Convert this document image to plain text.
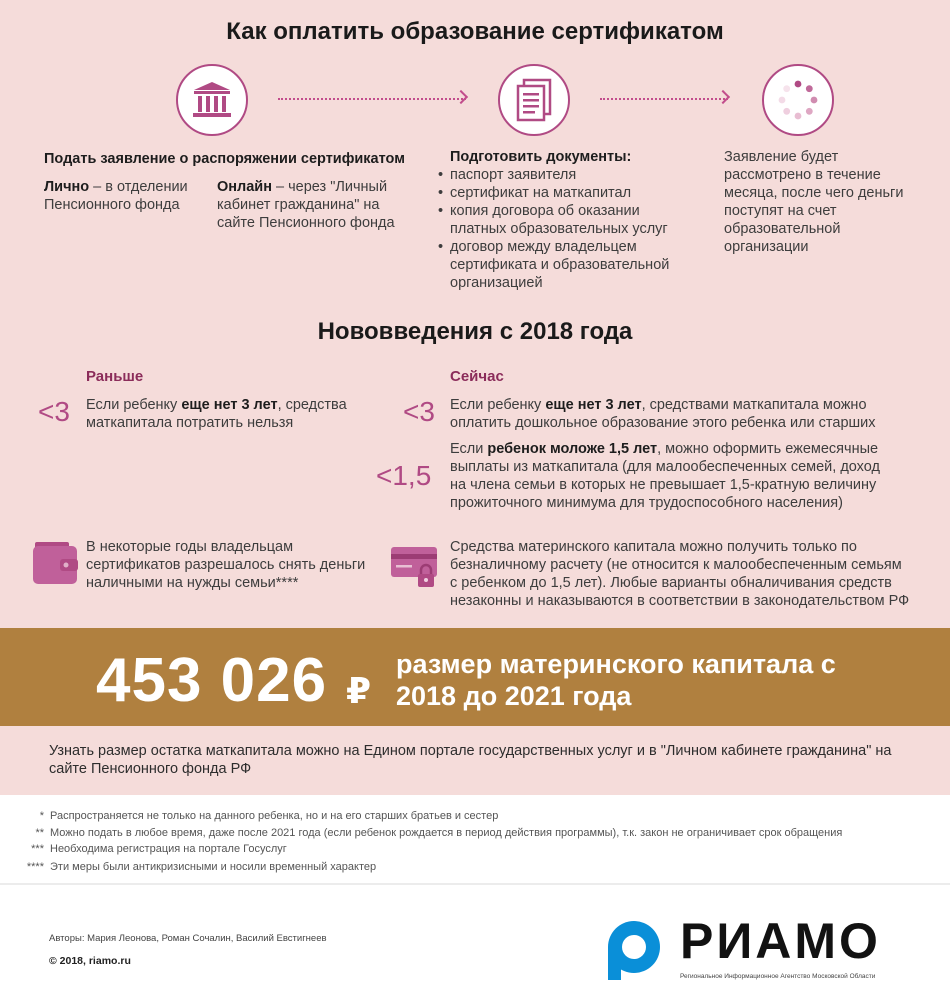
Как оплатить образование сертификатом
Подать заявление о распоряжении сертификатом
Лично – в отделении Пенсионного фонда
Онлайн – через "Личный кабинет гражданина" на сайте Пенсионного фонда
Подготовить документы:
• паспорт заявителя
• сертификат на маткапитал
• копия договора об оказании платных образовательных услуг
• договор между владельцем сертификата и образовательной организацией
Заявление будет рассмотрено в течение месяца, после чего деньги поступят на счет образовательной организации
Нововведения с 2018 года
Раньше	Сейчас
<3 Если ребенку еще нет 3 лет, средства маткапитала потратить нельзя	<3 Если ребенку еще нет 3 лет, средствами маткапитала можно оплатить дошкольное образование этого ребенка или старших
<1,5
Если ребенок моложе 1,5 лет, можно оформить ежемесячные выплаты из маткапитала (для малообеспеченных семей, доход на члена семьи в которых не превышает 1,5-кратную величину прожиточного минимума для трудоспособного населения)
В некоторые годы владельцам сертификатов разрешалось снять деньги наличными на нужды семьи****
Средства материнского капитала можно получить только по безналичному расчету (не относится к малообеспеченным семьям с ребенком до 1,5 лет). Любые варианты обналичивания средств незаконны и наказываются в соответствии в законодательством РФ
453 026 ₽
размер материнского капитала с 2018 до 2021 года
Узнать размер остатка маткапитала можно на Едином портале государственных услуг и в "Личном кабинете гражданина" на сайте Пенсионного фонда РФ
* Распространяется не только на данного ребенка, но и на его старших братьев и сестер
** Можно подать в любое время, даже после 2021 года (если ребенок рождается в период действия программы), т.к. закон не ограничивает срок обращения
*** Необходима регистрация на портале Госуслуг
**** Эти меры были антикризисными и носили временный характер
Авторы: Мария Леонова, Роман Сочалин, Василий Евстигнеев
© 2018, riamo.ru	РИАМО
Региональное Информационное Агентство Московской Области
